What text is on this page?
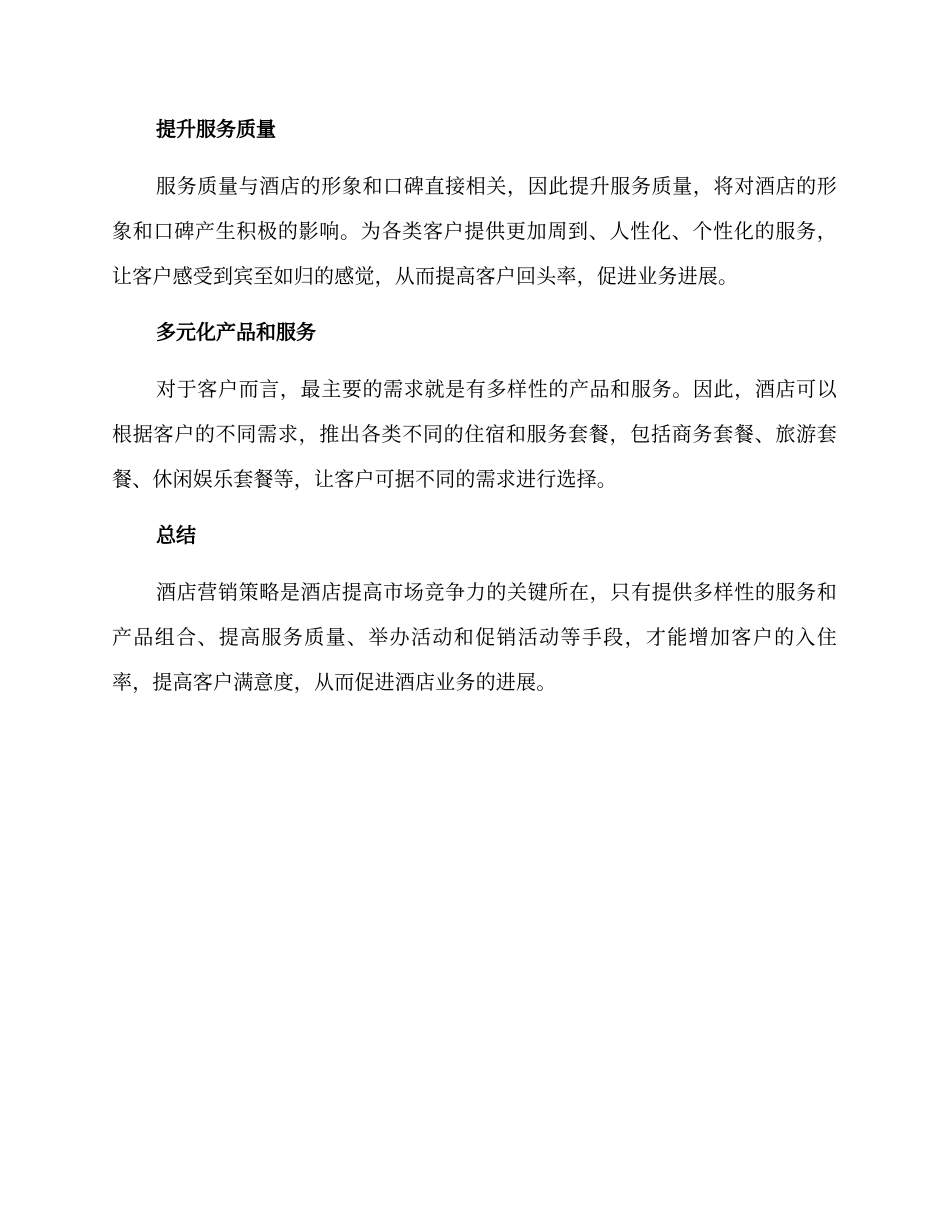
提升服务质量

服务质量与酒店的形象和口碑直接相关，因此提升服务质量，将对酒店的形象和口碑产生积极的影响。为各类客户提供更加周到、人性化、个性化的服务，让客户感受到宾至如归的感觉，从而提高客户回头率，促进业务进展。

多元化产品和服务

对于客户而言，最主要的需求就是有多样性的产品和服务。因此，酒店可以根据客户的不同需求，推出各类不同的住宿和服务套餐，包括商务套餐、旅游套餐、休闲娱乐套餐等，让客户可据不同的需求进行选择。

总结

酒店营销策略是酒店提高市场竞争力的关键所在，只有提供多样性的服务和产品组合、提高服务质量、举办活动和促销活动等手段，才能增加客户的入住率，提高客户满意度，从而促进酒店业务的进展。
